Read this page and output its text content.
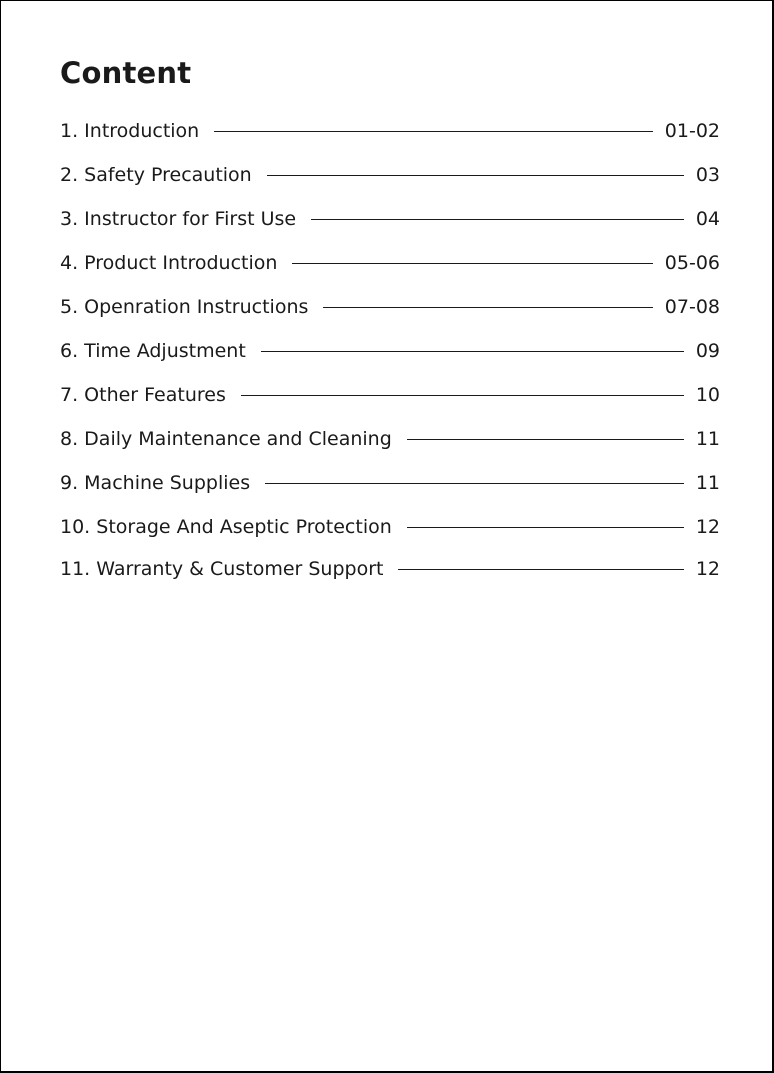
Content
1. Introduction	01-02
2. Safety Precaution	03
3. Instructor for First Use	04
4. Product Introduction	05-06
5. Openration Instructions	07-08
6. Time Adjustment	09
7. Other Features	10
8. Daily Maintenance and Cleaning	11
9. Machine Supplies	11
10. Storage And Aseptic Protection	12
11. Warranty & Customer Support	12
